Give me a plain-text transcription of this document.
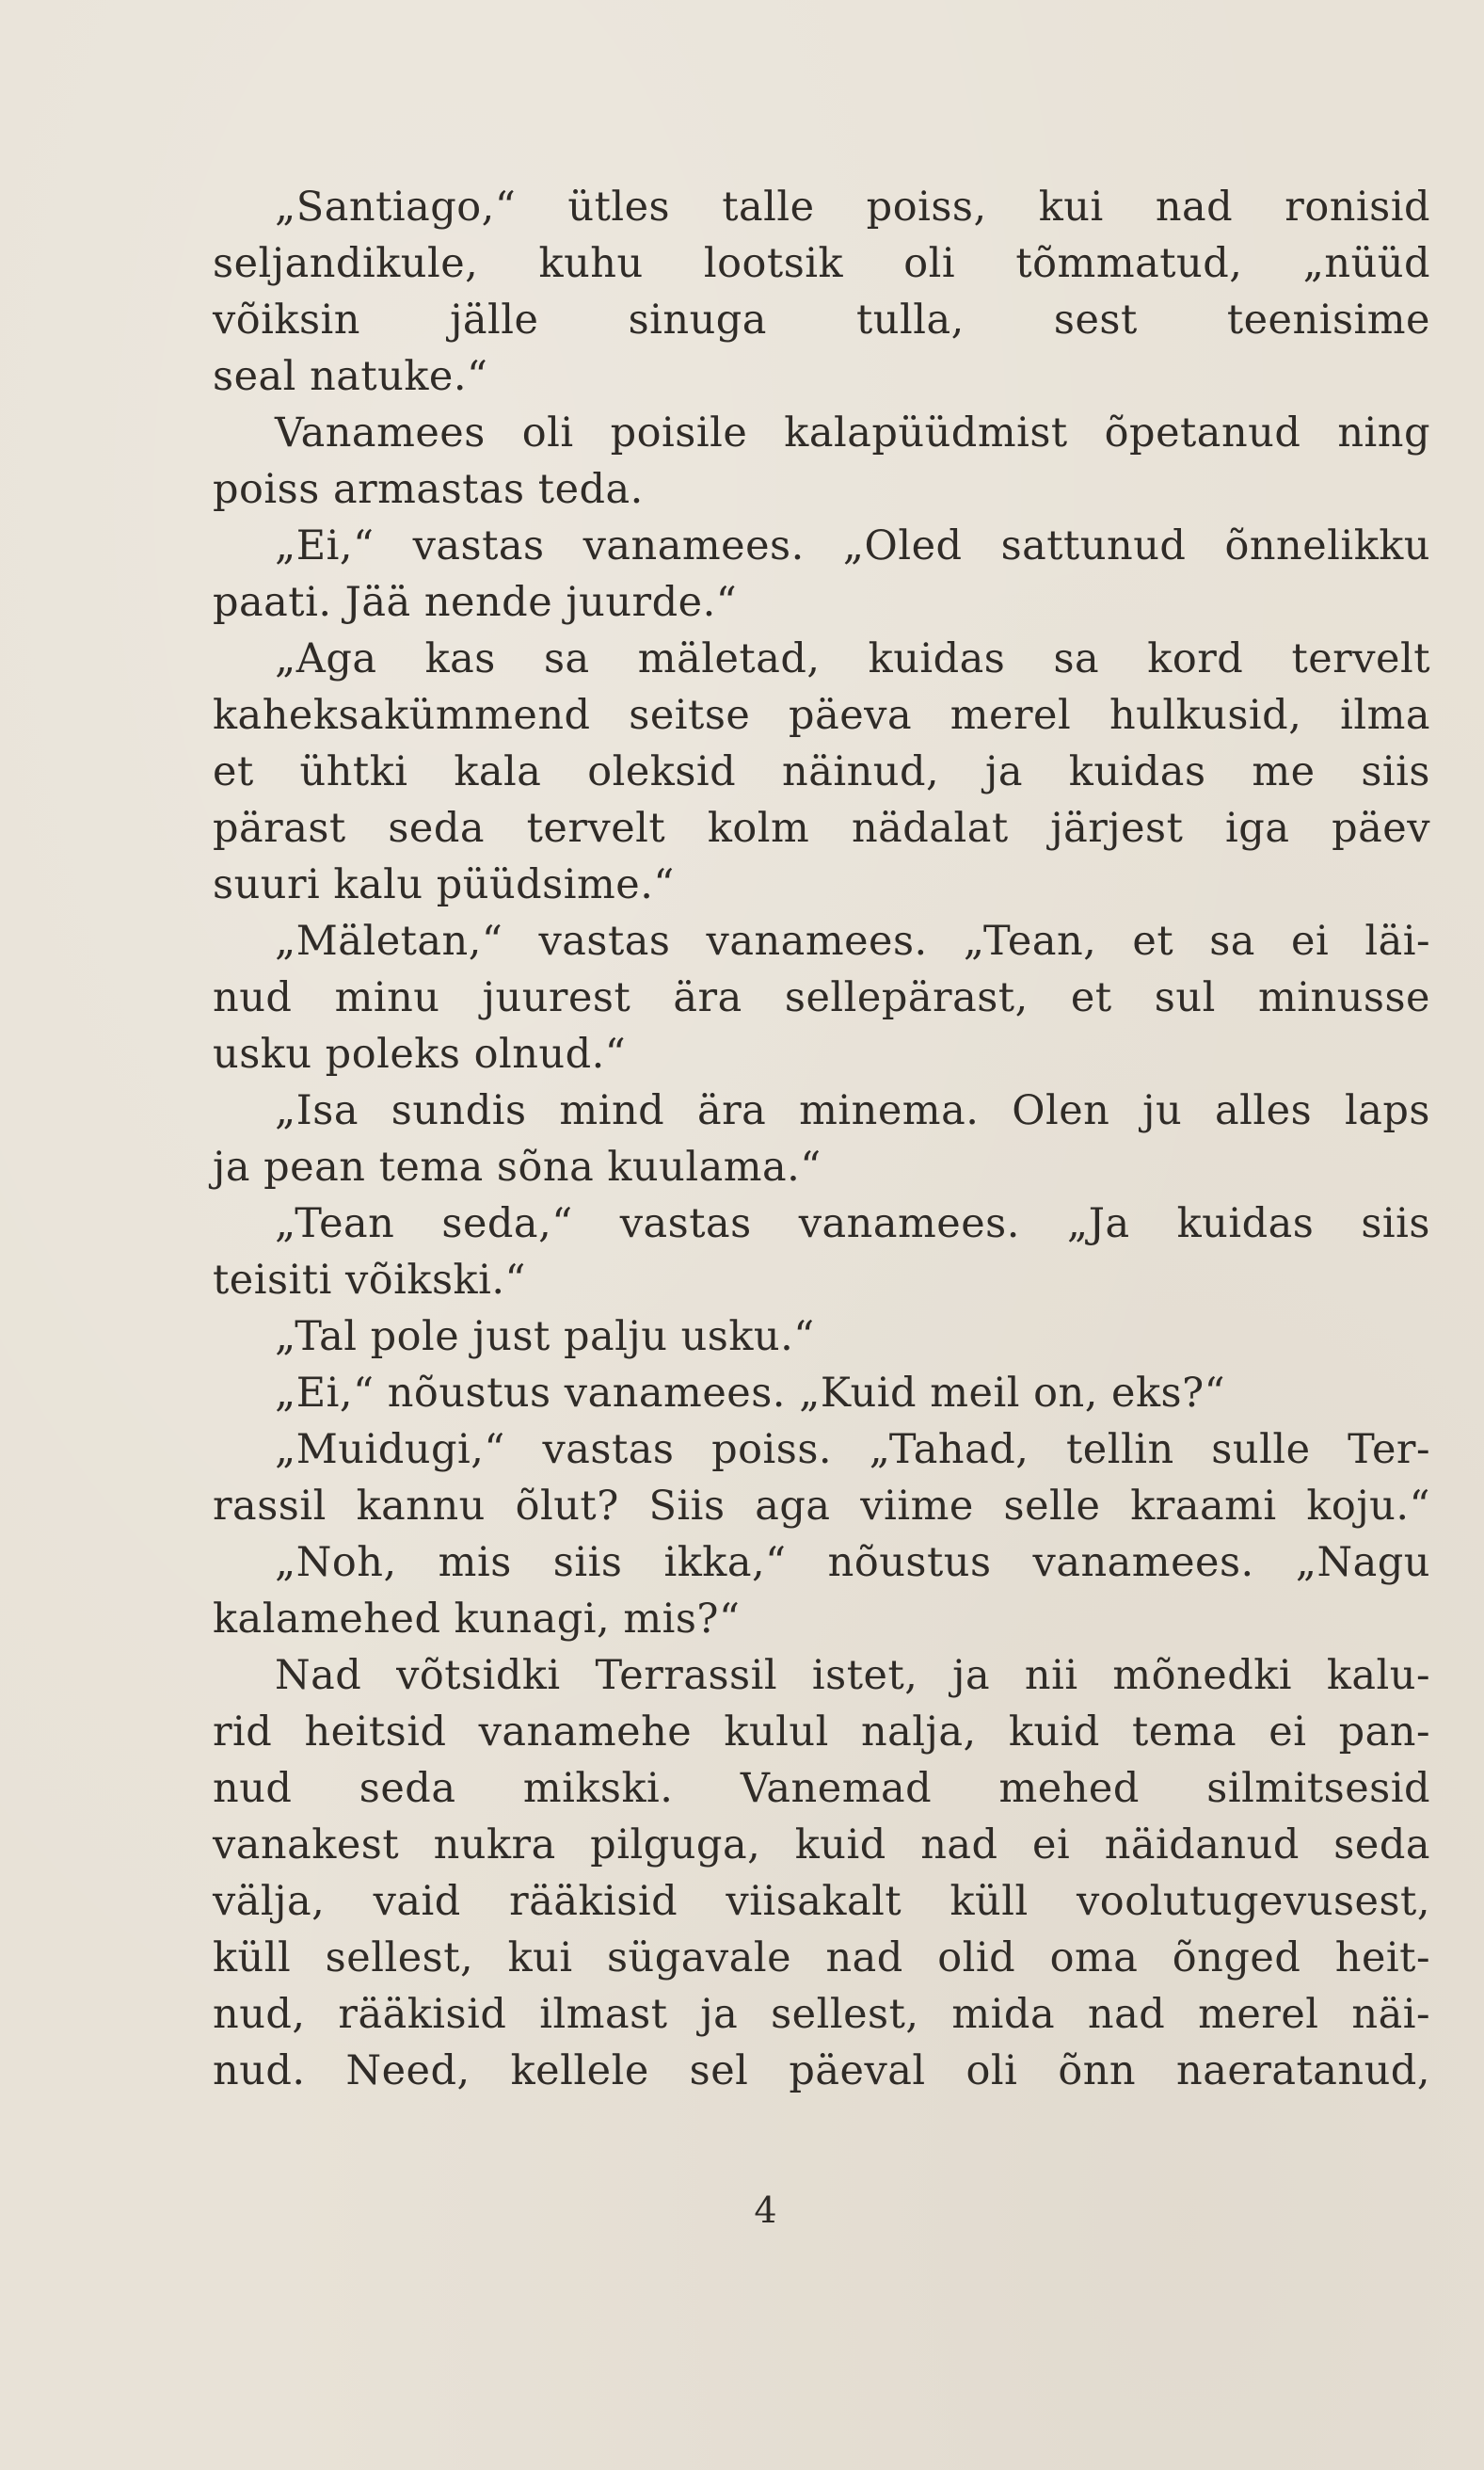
„Santiago,“ ütles talle poiss, kui nad ronisid
seljandikule, kuhu lootsik oli tõmmatud, „nüüd
võiksin jälle sinuga tulla, sest teenisime
seal natuke.“
Vanamees oli poisile kalapüüdmist õpetanud ning
poiss armastas teda.
„Ei,“ vastas vanamees. „Oled sattunud õnnelikku
paati. Jää nende juurde.“
„Aga kas sa mäletad, kuidas sa kord tervelt
kaheksakümmend seitse päeva merel hulkusid, ilma
et ühtki kala oleksid näinud, ja kuidas me siis
pärast seda tervelt kolm nädalat järjest iga päev
suuri kalu püüdsime.“
„Mäletan,“ vastas vanamees. „Tean, et sa ei läi-
nud minu juurest ära sellepärast, et sul minusse
usku poleks olnud.“
„Isa sundis mind ära minema. Olen ju alles laps
ja pean tema sõna kuulama.“
„Tean seda,“ vastas vanamees. „Ja kuidas siis
teisiti võikski.“
„Tal pole just palju usku.“
„Ei,“ nõustus vanamees. „Kuid meil on, eks?“
„Muidugi,“ vastas poiss. „Tahad, tellin sulle Ter-
rassil kannu õlut? Siis aga viime selle kraami koju.“
„Noh, mis siis ikka,“ nõustus vanamees. „Nagu
kalamehed kunagi, mis?“
Nad võtsidki Terrassil istet, ja nii mõnedki kalu-
rid heitsid vanamehe kulul nalja, kuid tema ei pan-
nud seda mikski. Vanemad mehed silmitsesid
vanakest nukra pilguga, kuid nad ei näidanud seda
välja, vaid rääkisid viisakalt küll voolutugevusest,
küll sellest, kui sügavale nad olid oma õnged heit-
nud, rääkisid ilmast ja sellest, mida nad merel näi-
nud. Need, kellele sel päeval oli õnn naeratanud,
4
